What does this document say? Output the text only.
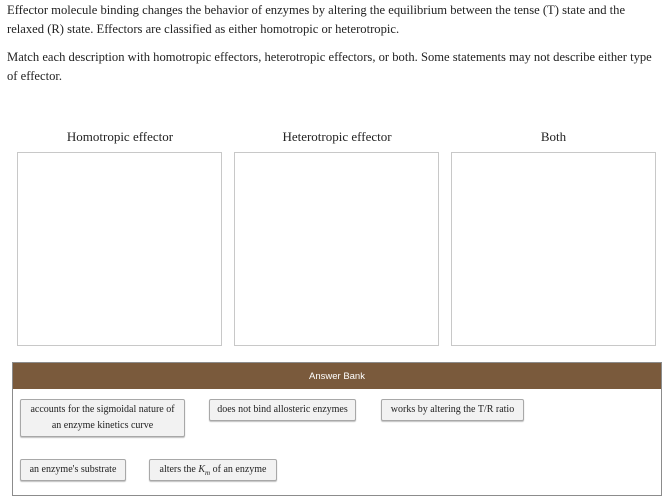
Effector molecule binding changes the behavior of enzymes by altering the equilibrium between the tense (T) state and the relaxed (R) state. Effectors are classified as either homotropic or heterotropic.

Match each description with homotropic effectors, heterotropic effectors, or both. Some statements may not describe either type of effector.

Homotropic effector	Heterotropic effector	Both
Answer Bank
accounts for the sigmoidal nature of an enzyme kinetics curve
does not bind allosteric enzymes	works by altering the T/R ratio
an enzyme's substrate	alters the $K_m$ of an enzyme
